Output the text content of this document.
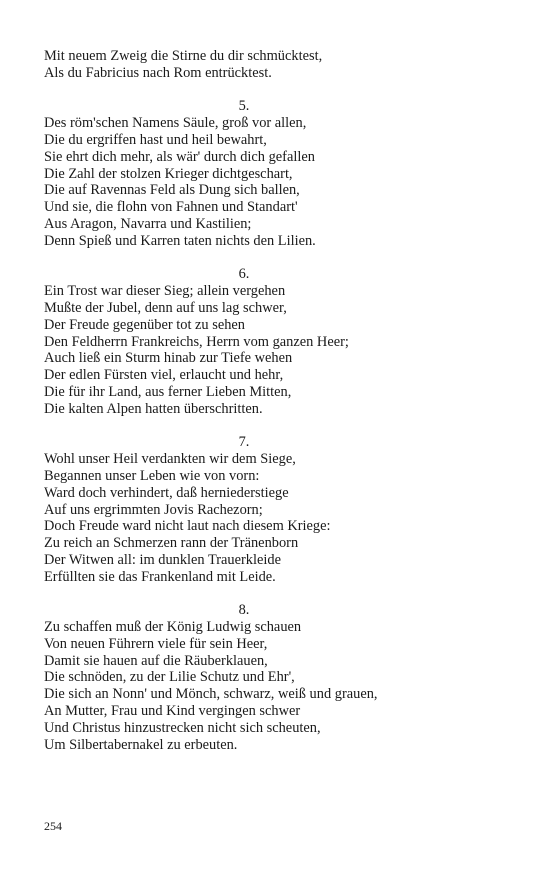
Mit neuem Zweig die Stirne du dir schmücktest,
Als du Fabricius nach Rom entrücktest.
5.
Des röm'schen Namens Säule, groß vor allen,
Die du ergriffen hast und heil bewahrt,
Sie ehrt dich mehr, als wär' durch dich gefallen
Die Zahl der stolzen Krieger dichtgeschart,
Die auf Ravennas Feld als Dung sich ballen,
Und sie, die flohn von Fahnen und Standart'
Aus Aragon, Navarra und Kastilien;
Denn Spieß und Karren taten nichts den Lilien.
6.
Ein Trost war dieser Sieg; allein vergehen
Mußte der Jubel, denn auf uns lag schwer,
Der Freude gegenüber tot zu sehen
Den Feldherrn Frankreichs, Herrn vom ganzen Heer;
Auch ließ ein Sturm hinab zur Tiefe wehen
Der edlen Fürsten viel, erlaucht und hehr,
Die für ihr Land, aus ferner Lieben Mitten,
Die kalten Alpen hatten überschritten.
7.
Wohl unser Heil verdankten wir dem Siege,
Begannen unser Leben wie von vorn:
Ward doch verhindert, daß herniederstiege
Auf uns ergrimmten Jovis Rachezorn;
Doch Freude ward nicht laut nach diesem Kriege:
Zu reich an Schmerzen rann der Tränenborn
Der Witwen all: im dunklen Trauerkleide
Erfüllten sie das Frankenland mit Leide.
8.
Zu schaffen muß der König Ludwig schauen
Von neuen Führern viele für sein Heer,
Damit sie hauen auf die Räuberklauen,
Die schnöden, zu der Lilie Schutz und Ehr',
Die sich an Nonn' und Mönch, schwarz, weiß und grauen,
An Mutter, Frau und Kind vergingen schwer
Und Christus hinzustrecken nicht sich scheuten,
Um Silbertabernakel zu erbeuten.
254
